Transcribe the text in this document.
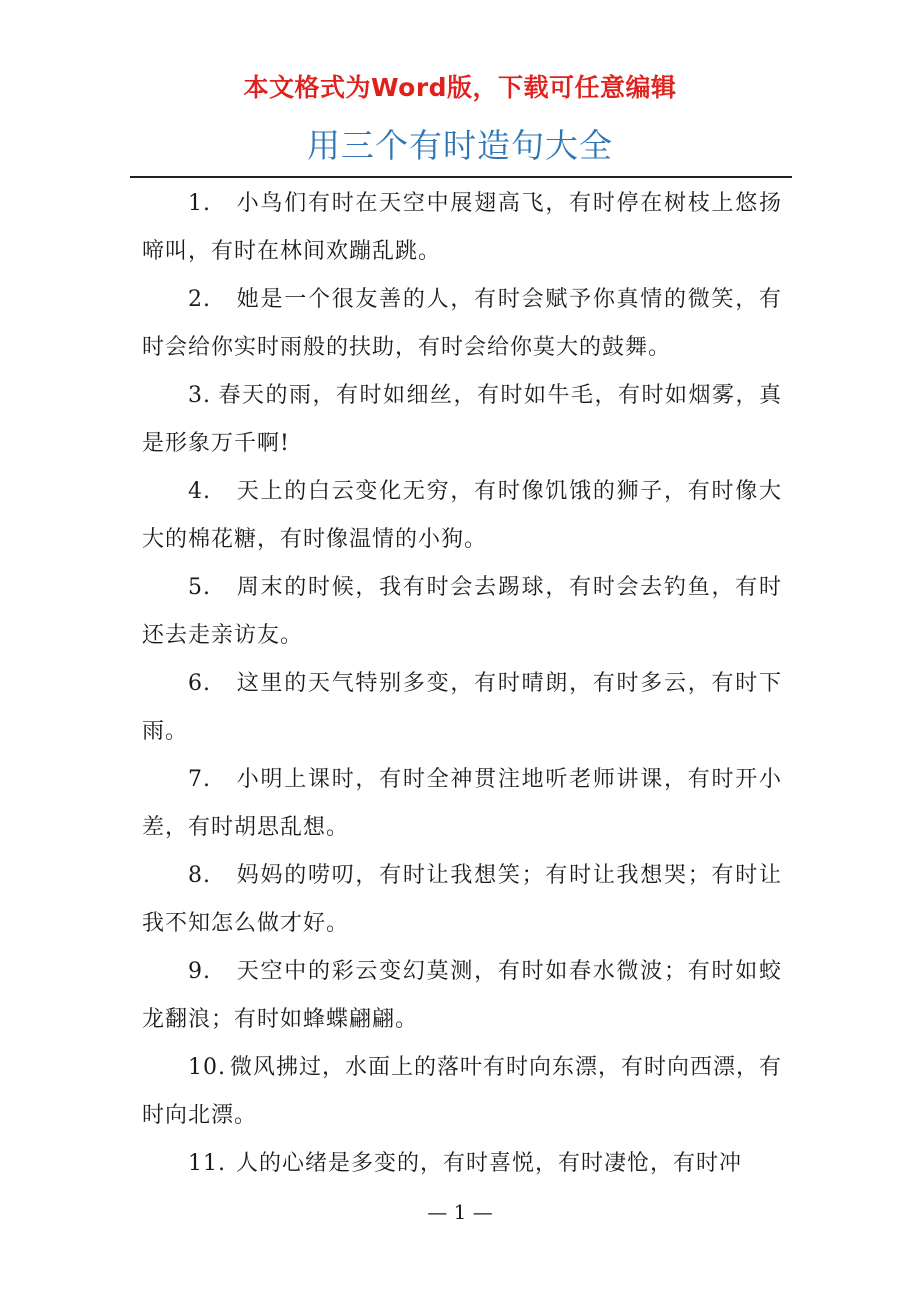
本文格式为Word版，下载可任意编辑
用三个有时造句大全

1. 小鸟们有时在天空中展翅高飞，有时停在树枝上悠扬啼叫，有时在林间欢蹦乱跳。

2. 她是一个很友善的人，有时会赋予你真情的微笑，有时会给你实时雨般的扶助，有时会给你莫大的鼓舞。

3. 春天的雨，有时如细丝，有时如牛毛，有时如烟雾，真是形象万千啊!

4. 天上的白云变化无穷，有时像饥饿的狮子，有时像大大的棉花糖，有时像温情的小狗。

5. 周末的时候，我有时会去踢球，有时会去钓鱼，有时还去走亲访友。

6. 这里的天气特别多变，有时晴朗，有时多云，有时下雨。

7. 小明上课时，有时全神贯注地听老师讲课，有时开小差，有时胡思乱想。

8. 妈妈的唠叨，有时让我想笑；有时让我想哭；有时让我不知怎么做才好。

9. 天空中的彩云变幻莫测，有时如春水微波；有时如蛟龙翻浪；有时如蜂蝶翩翩。

10. 微风拂过，水面上的落叶有时向东漂，有时向西漂，有时向北漂。

11. 人的心绪是多变的，有时喜悦，有时凄怆，有时冲

— 1 —
